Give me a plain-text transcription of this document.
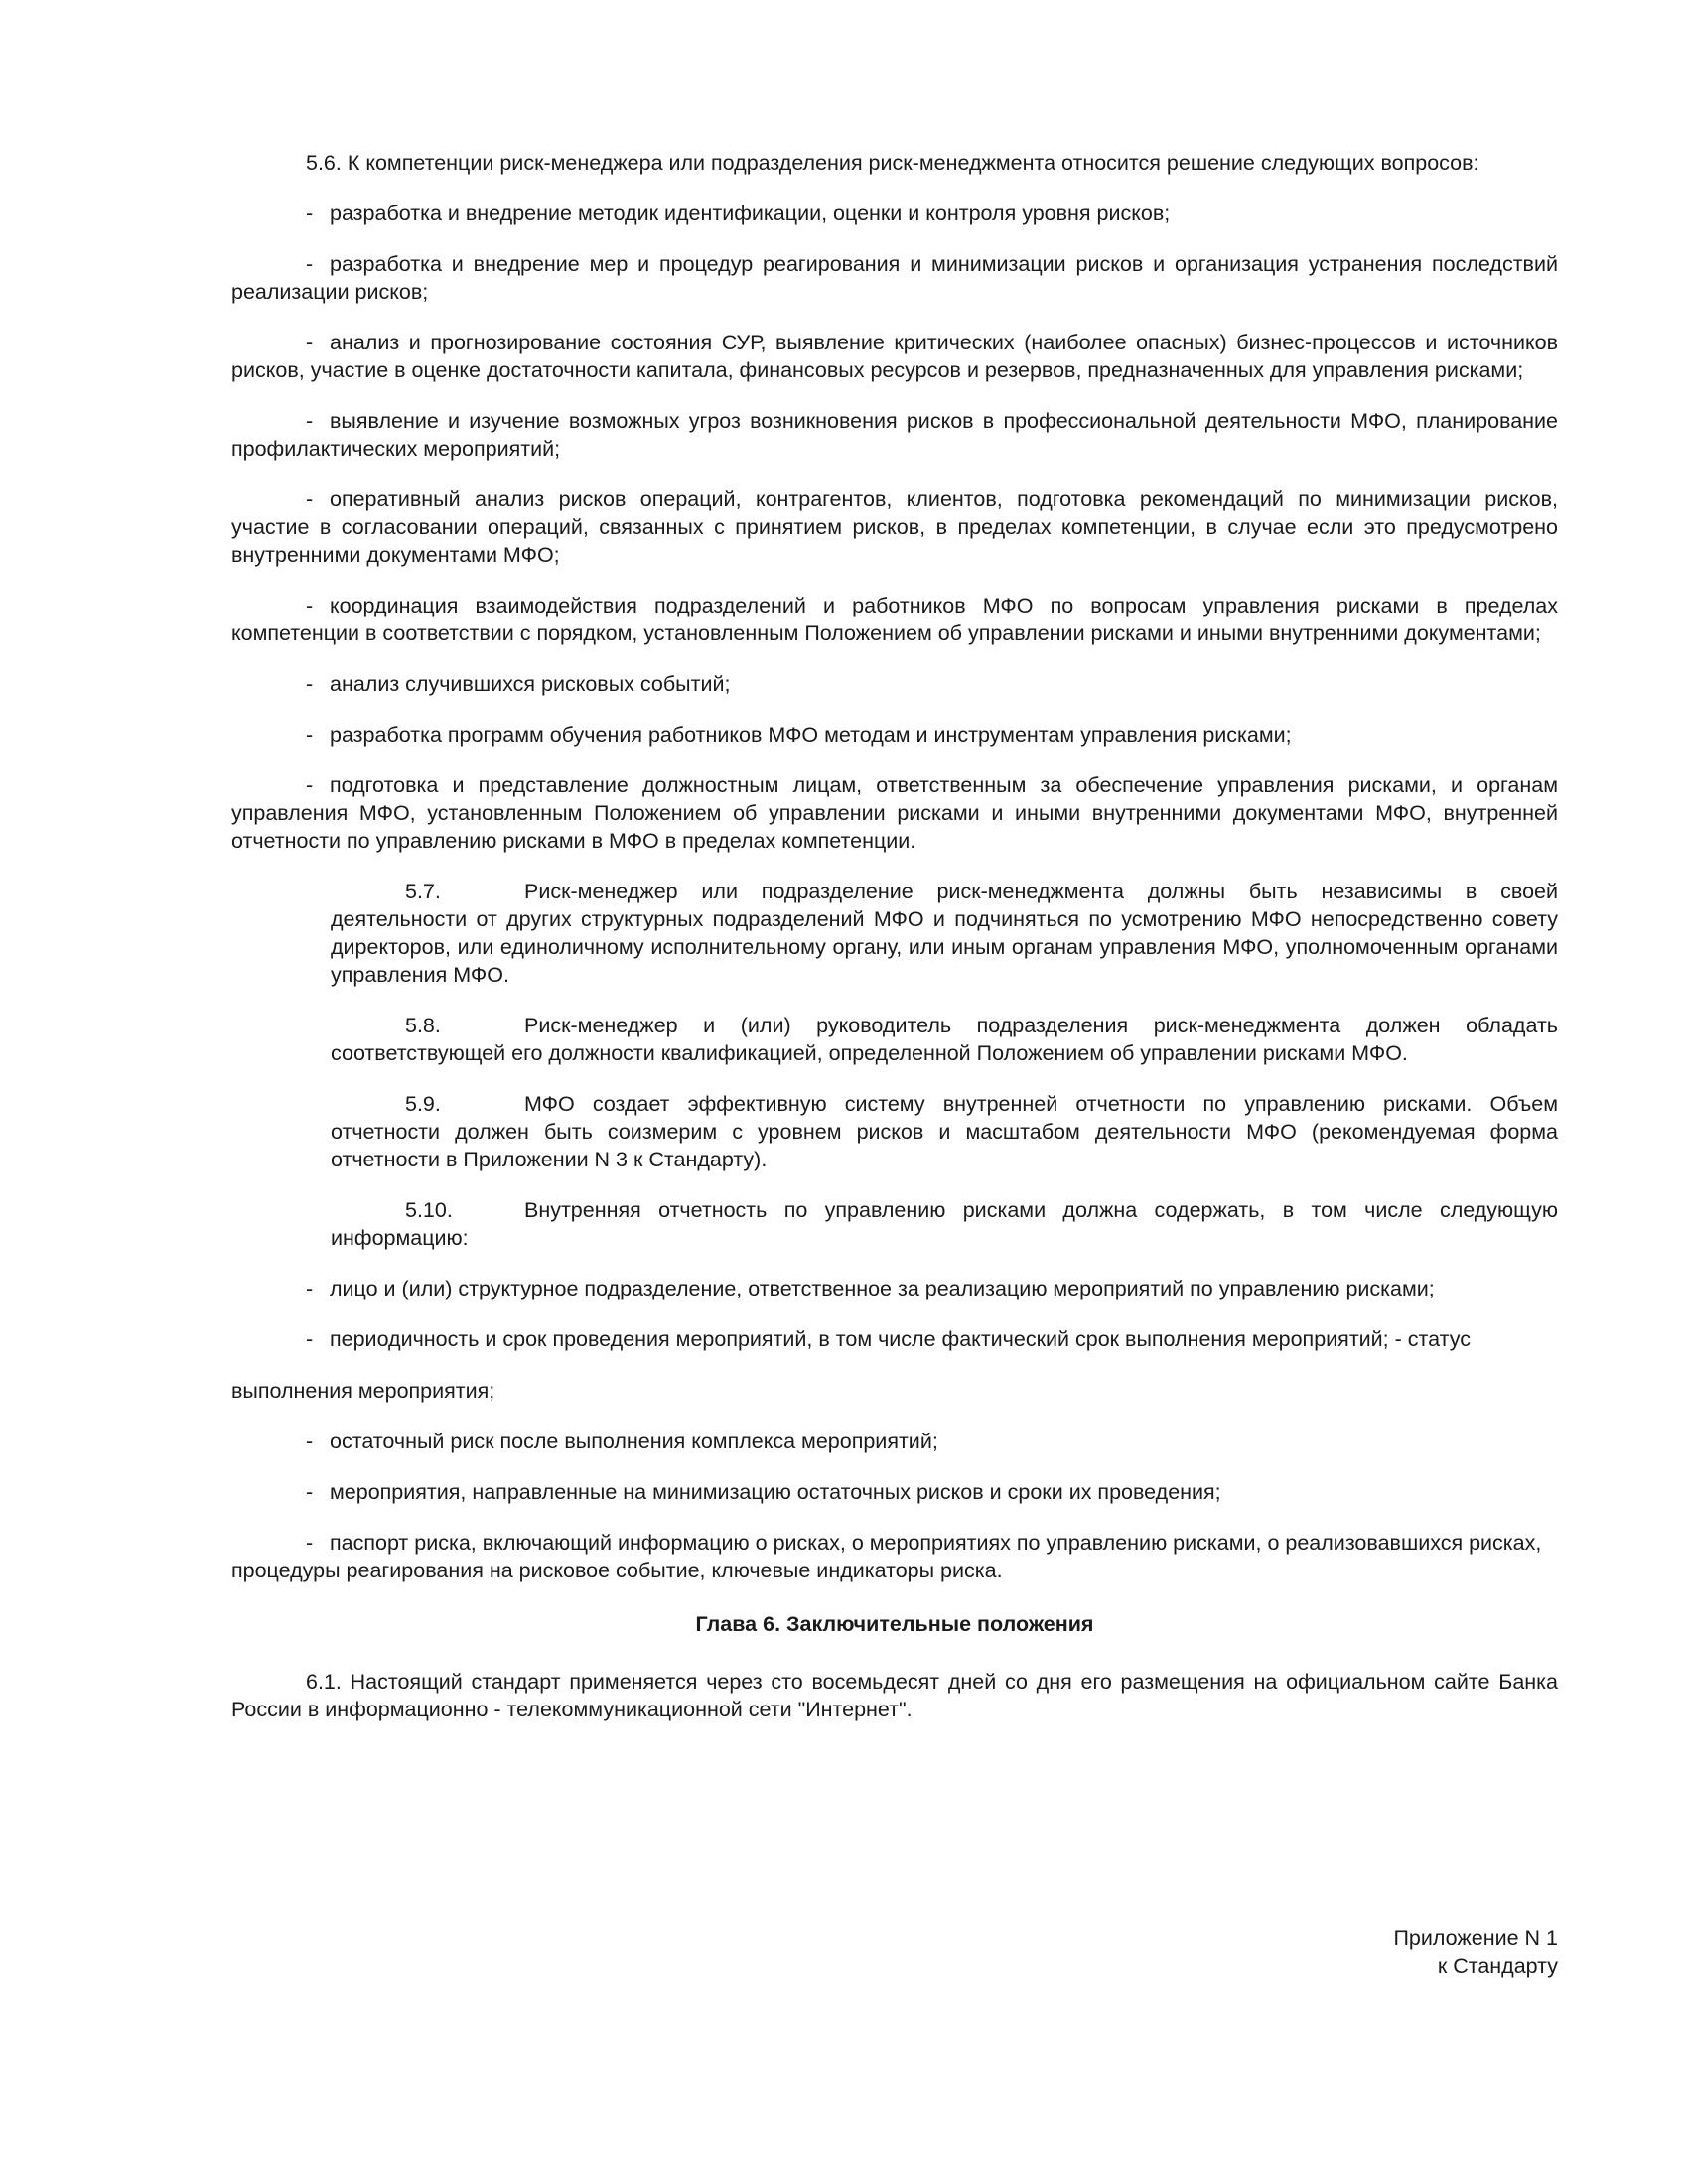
5.6. К компетенции риск-менеджера или подразделения риск-менеджмента относится решение следующих вопросов:

- разработка и внедрение методик идентификации, оценки и контроля уровня рисков;

- разработка и внедрение мер и процедур реагирования и минимизации рисков и организация устранения последствий реализации рисков;

- анализ и прогнозирование состояния СУР, выявление критических (наиболее опасных) бизнес-процессов и источников рисков, участие в оценке достаточности капитала, финансовых ресурсов и резервов, предназначенных для управления рисками;

- выявление и изучение возможных угроз возникновения рисков в профессиональной деятельности МФО, планирование профилактических мероприятий;

- оперативный анализ рисков операций, контрагентов, клиентов, подготовка рекомендаций по минимизации рисков, участие в согласовании операций, связанных с принятием рисков, в пределах компетенции, в случае если это предусмотрено внутренними документами МФО;

- координация взаимодействия подразделений и работников МФО по вопросам управления рисками в пределах компетенции в соответствии с порядком, установленным Положением об управлении рисками и иными внутренними документами;

- анализ случившихся рисковых событий;

- разработка программ обучения работников МФО методам и инструментам управления рисками;

- подготовка и представление должностным лицам, ответственным за обеспечение управления рисками, и органам управления МФО, установленным Положением об управлении рисками и иными внутренними документами МФО, внутренней отчетности по управлению рисками в МФО в пределах компетенции.

5.7.	Риск-менеджер или подразделение риск-менеджмента должны быть независимы в своей деятельности от других структурных подразделений МФО и подчиняться по усмотрению МФО непосредственно совету директоров, или единоличному исполнительному органу, или иным органам управления МФО, уполномоченным органами управления МФО.

5.8.	Риск-менеджер и (или) руководитель подразделения риск-менеджмента должен обладать соответствующей его должности квалификацией, определенной Положением об управлении рисками МФО.

5.9.	МФО создает эффективную систему внутренней отчетности по управлению рисками. Объем отчетности должен быть соизмерим с уровнем рисков и масштабом деятельности МФО (рекомендуемая форма отчетности в Приложении N 3 к Стандарту).

5.10.	Внутренняя отчетность по управлению рисками должна содержать, в том числе следующую информацию:

- лицо и (или) структурное подразделение, ответственное за реализацию мероприятий по управлению рисками;

- периодичность и срок проведения мероприятий, в том числе фактический срок выполнения мероприятий; - статус

выполнения мероприятия;

- остаточный риск после выполнения комплекса мероприятий;

- мероприятия, направленные на минимизацию остаточных рисков и сроки их проведения;

- паспорт риска, включающий информацию о рисках, о мероприятиях по управлению рисками, о реализовавшихся рисках, процедуры реагирования на рисковое событие, ключевые индикаторы риска.

Глава 6. Заключительные положения

6.1. Настоящий стандарт применяется через сто восемьдесят дней со дня его размещения на официальном сайте Банка России в информационно - телекоммуникационной сети "Интернет".

Приложение N 1
к Стандарту
